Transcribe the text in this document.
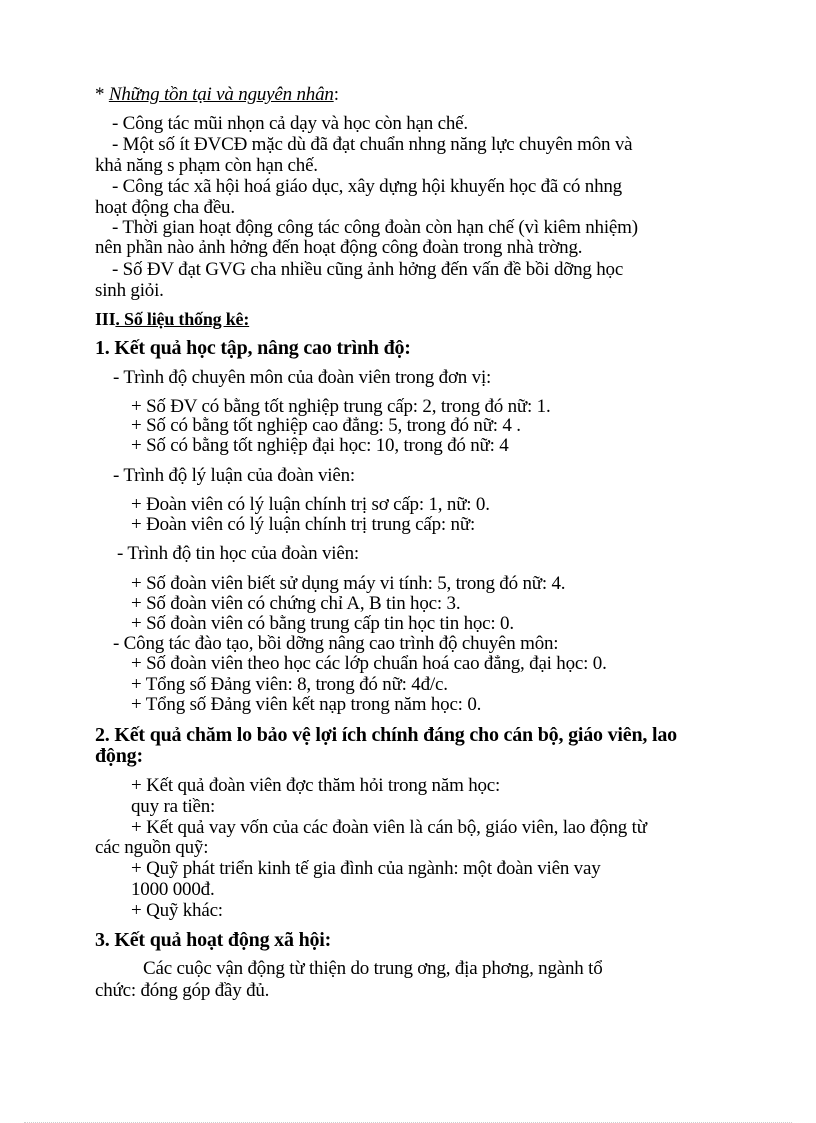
* Những tồn tại và nguyên nhân:
- Công tác mũi nhọn cả dạy và học còn hạn chế.
- Một số ít ĐVCĐ mặc dù đã đạt chuẩn nhng năng lực chuyên môn và
khả năng s phạm còn hạn chế.
- Công tác xã hội hoá giáo dục, xây dựng hội khuyến học đã có nhng
hoạt động cha đều.
- Thời gian hoạt động công tác công đoàn còn hạn chế (vì kiêm nhiệm)
nên phần nào ảnh hởng đến hoạt động công đoàn trong nhà trờng.
- Số ĐV đạt GVG cha nhiều cũng ảnh hởng đến vấn đề bồi dỡng học
sinh giỏi.
III. Số liệu thống kê:
1. Kết quả học tập, nâng cao trình độ:
- Trình độ chuyên môn của đoàn viên trong đơn vị:
+ Số ĐV có bằng tốt nghiệp trung cấp: 2, trong đó nữ: 1.
+ Số có bằng tốt nghiệp cao đẳng: 5, trong đó nữ: 4 .
+ Số có bằng tốt nghiệp đại học: 10, trong đó nữ: 4
- Trình độ lý luận của đoàn viên:
+ Đoàn viên có lý luận chính trị sơ cấp: 1, nữ: 0.
+ Đoàn viên có lý luận chính trị trung cấp: nữ:
- Trình độ tin học của đoàn viên:
+ Số đoàn viên biết sử dụng máy vi tính: 5, trong đó nữ: 4.
+ Số đoàn viên có chứng chỉ A, B tin học: 3.
+ Số đoàn viên có bằng trung cấp tin học tin học: 0.
- Công tác đào tạo, bồi dỡng nâng cao trình độ chuyên môn:
+ Số đoàn viên theo học các lớp chuẩn hoá cao đẳng, đại học: 0.
+ Tổng số Đảng viên: 8, trong đó nữ: 4đ/c.
+ Tổng số Đảng viên kết nạp trong năm học: 0.
2. Kết quả chăm lo bảo vệ lợi ích chính đáng cho cán bộ, giáo viên, lao
động:
+ Kết quả đoàn viên đợc thăm hỏi trong năm học:
quy ra tiền:
+ Kết quả vay vốn của các đoàn viên là cán bộ, giáo viên, lao động từ
các nguồn quỹ:
+ Quỹ phát triển kinh tế gia đình của ngành: một đoàn viên vay
1000 000đ.
+ Quỹ khác:
3. Kết quả hoạt động xã hội:
Các cuộc vận động từ thiện do trung ơng, địa phơng, ngành tổ
chức: đóng góp đầy đủ.
